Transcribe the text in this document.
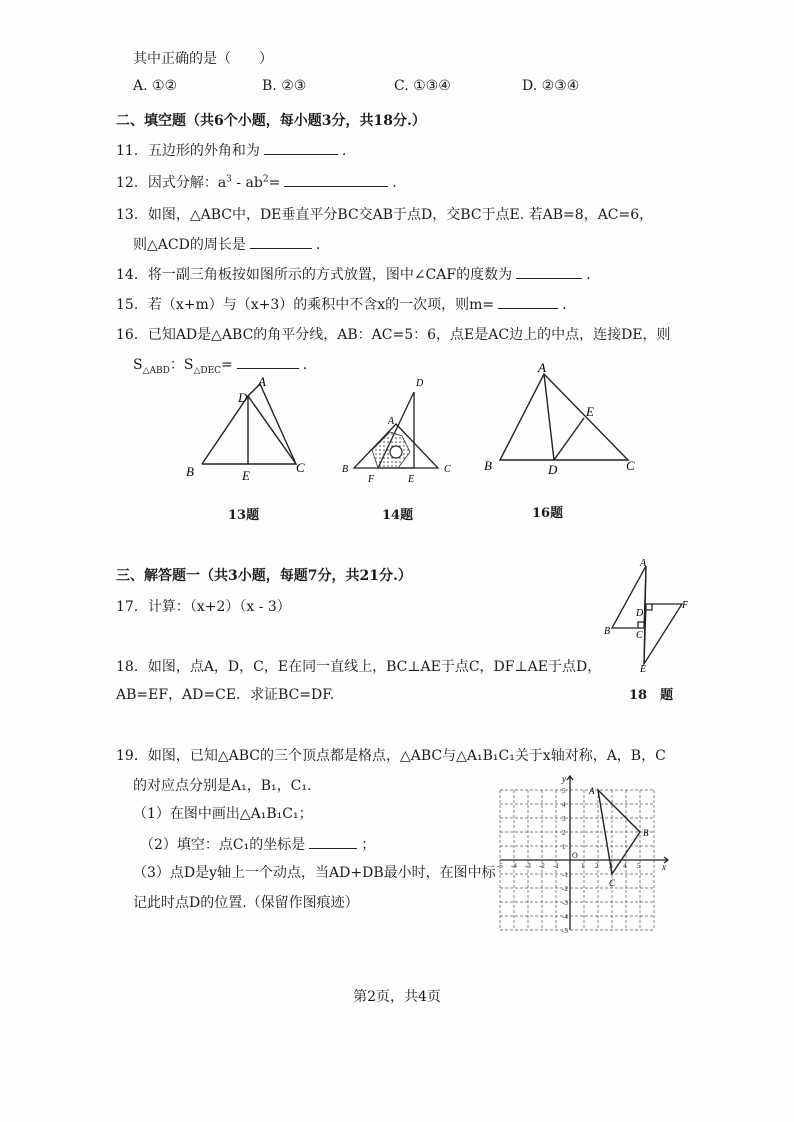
其中正确的是（　　）
A. ①②	B. ②③	C. ①③④	D. ②③④
二、填空题（共6个小题，每小题3分，共18分.）
11．五边形的外角和为	.
12．因式分解：$a^3 - ab^2=$	.
13．如图，△ABC中，DE垂直平分BC交AB于点D，交BC于点E. 若AB=8，AC=6，
则△ACD的周长是	.
14．将一副三角板按如图所示的方式放置，图中∠CAF的度数为	.
15．若（x+m）与（x+3）的乘积中不含x的一次项，则m=	.
16．已知AD是△ABC的角平分线，AB：AC=5：6，点E是AC边上的中点，连接DE，则
$S_{\triangle ABD}$：$S_{\triangle DEC}=$	.
A
D
B	E
C
13题
D
A
B
F	E
C
14题
A
E
B	D	C
16题
三、解答题一（共3小题，每题7分，共21分.）
17．计算：（x+2）（x - 3）
A
D
F
B	C
E
18　题
18．如图，点A，D，C，E在同一直线上，BC⊥AE于点C，DF⊥AE于点D，
AB=EF，AD=CE．求证BC=DF.
19．如图，已知△ABC的三个顶点都是格点，△ABC与△A₁B₁C₁关于x轴对称，A，B，C
的对应点分别是A₁，B₁，C₁.
（1）在图中画出△A₁B₁C₁；
（2）填空：点C₁的坐标是	；
（3）点D是y轴上一个动点，当AD+DB最小时，在图中标
记此时点D的位置.（保留作图痕迹）
-5
-5
-4
-4
-3
-3
-2
-2
-1
-1
1
1
2
2
3
3
4
4
5
5
x
y
O
A
B
C
第2页，共4页
